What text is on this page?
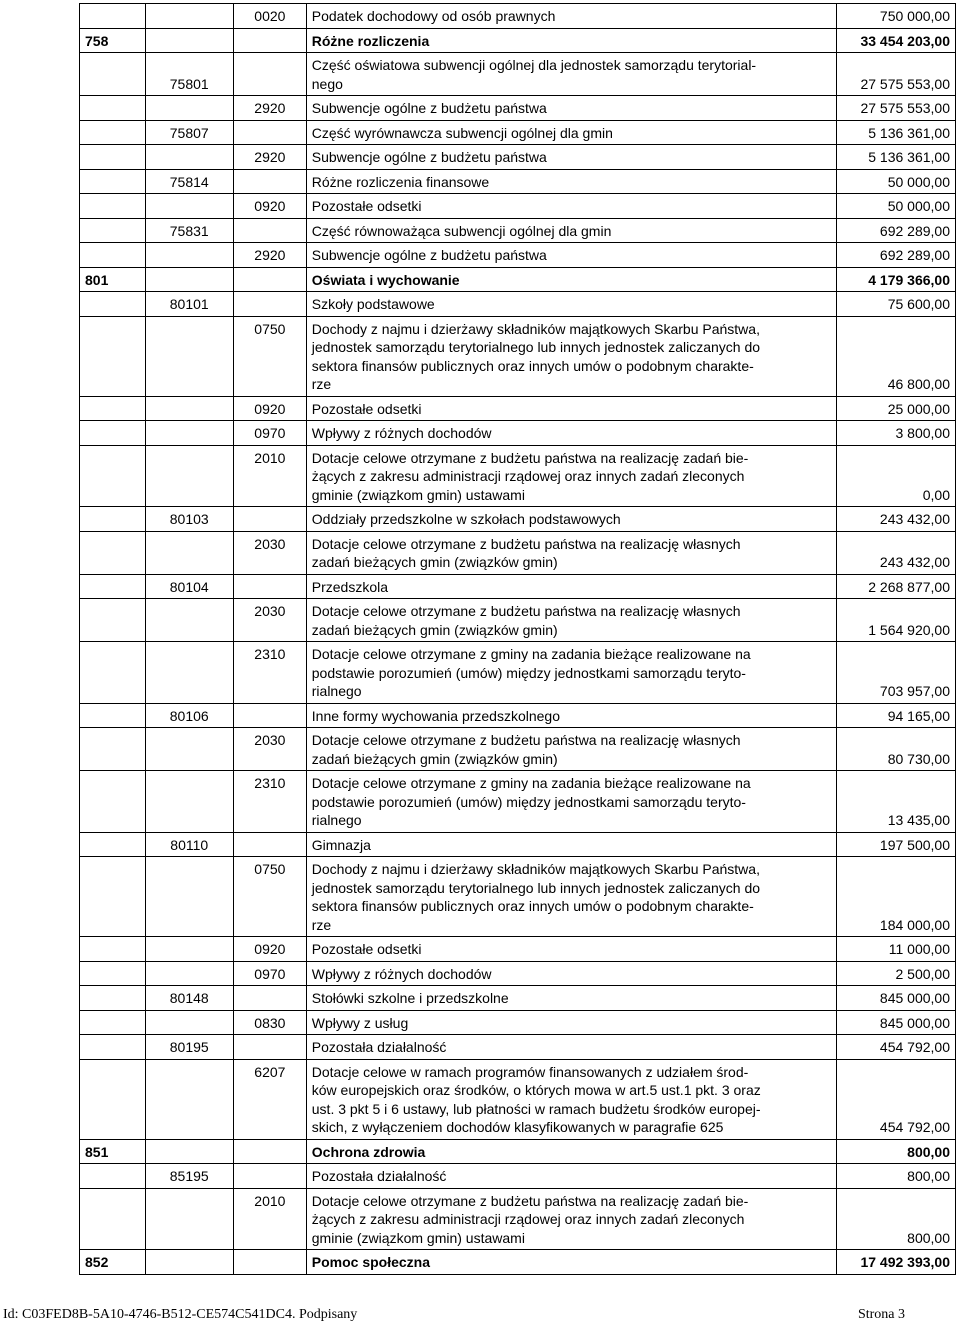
		0020	Podatek dochodowy od osób prawnych	750 000,00
758			Różne rozliczenia	33 454 203,00
	75801		Część oświatowa subwencji ogólnej dla jednostek samorządu terytorial-
nego	27 575 553,00
		2920	Subwencje ogólne z budżetu państwa	27 575 553,00
	75807		Część wyrównawcza subwencji ogólnej dla gmin	5 136 361,00
		2920	Subwencje ogólne z budżetu państwa	5 136 361,00
	75814		Różne rozliczenia finansowe	50 000,00
		0920	Pozostałe odsetki	50 000,00
	75831		Część równoważąca subwencji ogólnej dla gmin	692 289,00
		2920	Subwencje ogólne z budżetu państwa	692 289,00
801			Oświata i wychowanie	4 179 366,00
	80101		Szkoły podstawowe	75 600,00
		0750	Dochody z najmu i dzierżawy składników majątkowych Skarbu Państwa,
jednostek samorządu terytorialnego lub innych jednostek zaliczanych do
sektora finansów publicznych oraz innych umów o podobnym charakte-
rze	46 800,00
		0920	Pozostałe odsetki	25 000,00
		0970	Wpływy z różnych dochodów	3 800,00
		2010	Dotacje celowe otrzymane z budżetu państwa na realizację zadań bie-
żących z zakresu administracji rządowej oraz innych zadań zleconych
gminie (związkom gmin) ustawami	0,00
	80103		Oddziały przedszkolne w szkołach podstawowych	243 432,00
		2030	Dotacje celowe otrzymane z budżetu państwa na realizację własnych
zadań bieżących gmin (związków gmin)	243 432,00
	80104		Przedszkola	2 268 877,00
		2030	Dotacje celowe otrzymane z budżetu państwa na realizację własnych
zadań bieżących gmin (związków gmin)	1 564 920,00
		2310	Dotacje celowe otrzymane z gminy na zadania bieżące realizowane na
podstawie porozumień (umów) między jednostkami samorządu teryto-
rialnego	703 957,00
	80106		Inne formy wychowania przedszkolnego	94 165,00
		2030	Dotacje celowe otrzymane z budżetu państwa na realizację własnych
zadań bieżących gmin (związków gmin)	80 730,00
		2310	Dotacje celowe otrzymane z gminy na zadania bieżące realizowane na
podstawie porozumień (umów) między jednostkami samorządu teryto-
rialnego	13 435,00
	80110		Gimnazja	197 500,00
		0750	Dochody z najmu i dzierżawy składników majątkowych Skarbu Państwa,
jednostek samorządu terytorialnego lub innych jednostek zaliczanych do
sektora finansów publicznych oraz innych umów o podobnym charakte-
rze	184 000,00
		0920	Pozostałe odsetki	11 000,00
		0970	Wpływy z różnych dochodów	2 500,00
	80148		Stołówki szkolne i przedszkolne	845 000,00
		0830	Wpływy z usług	845 000,00
	80195		Pozostała działalność	454 792,00
		6207	Dotacje celowe w ramach programów finansowanych z udziałem środ-
ków europejskich oraz środków, o których mowa w art.5 ust.1 pkt. 3 oraz
ust. 3 pkt 5 i 6 ustawy, lub płatności w ramach budżetu środków europej-
skich, z wyłączeniem dochodów klasyfikowanych w paragrafie 625	454 792,00
851			Ochrona zdrowia	800,00
	85195		Pozostała działalność	800,00
		2010	Dotacje celowe otrzymane z budżetu państwa na realizację zadań bie-
żących z zakresu administracji rządowej oraz innych zadań zleconych
gminie (związkom gmin) ustawami	800,00
852			Pomoc społeczna	17 492 393,00
Id: C03FED8B-5A10-4746-B512-CE574C541DC4. Podpisany	Strona 3
